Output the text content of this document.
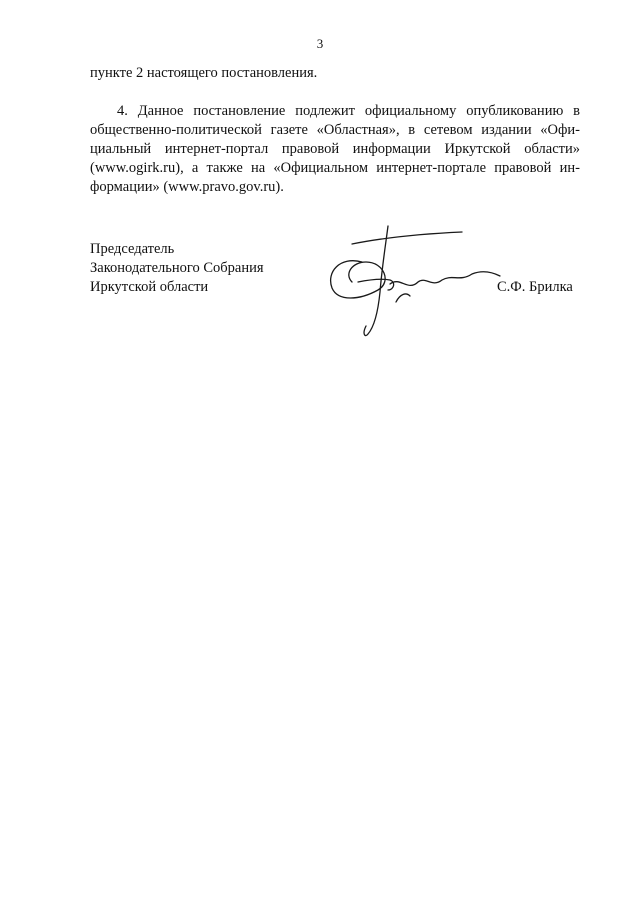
3
пункте 2 настоящего постановления.
4. Данное постановление подлежит официальному опубликованию в
общественно-политической газете «Областная», в сетевом издании «Офи-
циальный интернет-портал правовой информации Иркутской области»
(www.ogirk.ru), а также на «Официальном интернет-портале правовой ин-
формации» (www.pravo.gov.ru).
Председатель
Законодательного Собрания
Иркутской области	С.Ф. Брилка
